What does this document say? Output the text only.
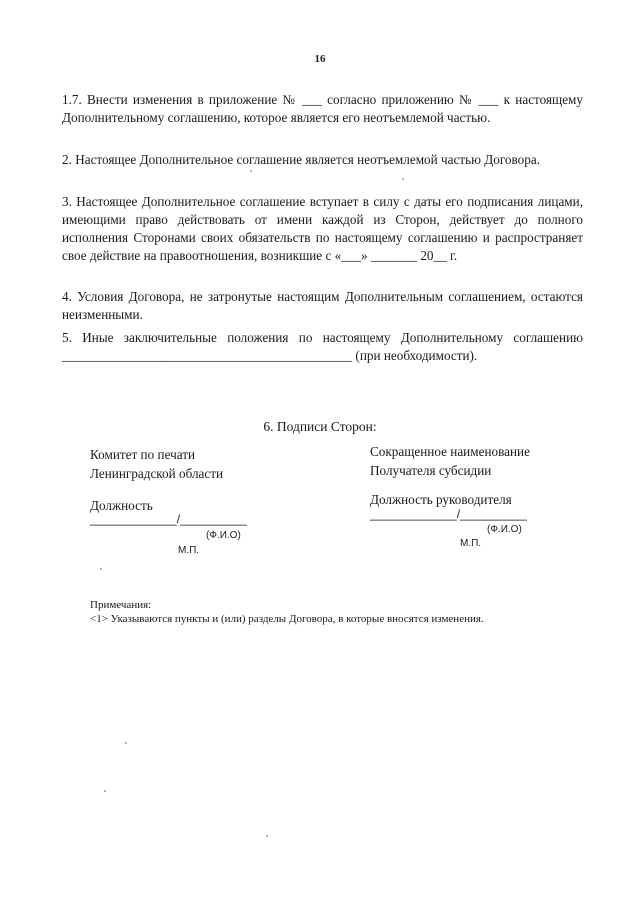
16
1.7. Внести изменения в приложение № ___ согласно приложению № ___ к настоящему Дополнительному соглашению, которое является его неотъемлемой частью.
2. Настоящее Дополнительное соглашение является неотъемлемой частью Договора.
3. Настоящее Дополнительное соглашение вступает в силу с даты его подписания лицами, имеющими право действовать от имени каждой из Сторон, действует до полного исполнения Сторонами своих обязательств по настоящему соглашению и распространяет свое действие на правоотношения, возникшие с «___» _______ 20__ г.
4. Условия Договора, не затронутые настоящим Дополнительным соглашением, остаются неизменными.
5. Иные заключительные положения по настоящему Дополнительному соглашению ____________________________________________ (при необходимости).
6. Подписи Сторон:
Комитет по печати
Ленинградской области
Сокращенное наименование
Получателя субсидии
Должность	Должность руководителя
_____________/__________	_____________/__________
(Ф.И.О)
(Ф.И.О)
М.П.
М.П.
Примечания:
<1> Указываются пункты и (или) разделы Договора, в которые вносятся изменения.
